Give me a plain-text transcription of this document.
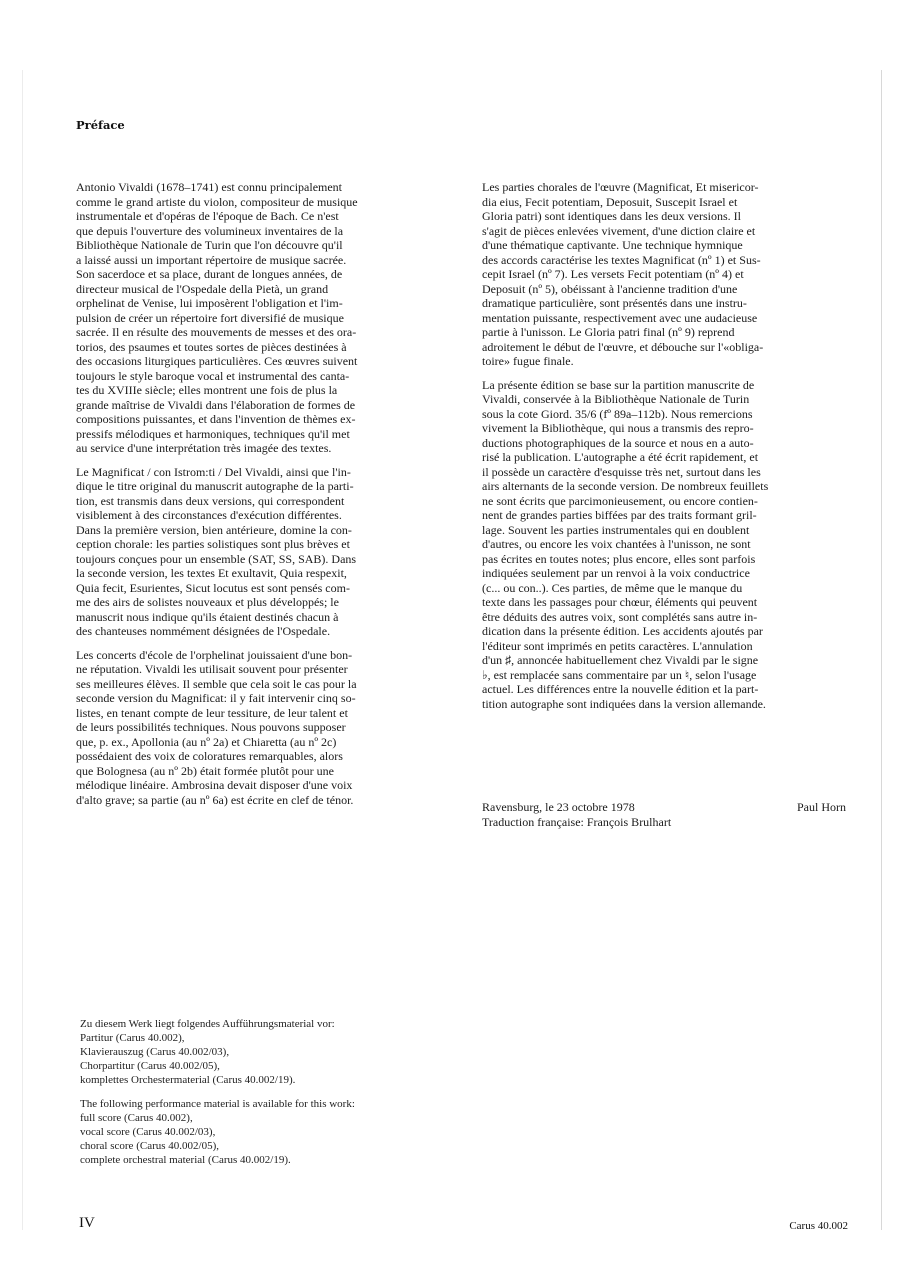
Préface

Antonio Vivaldi (1678–1741) est connu principalement
comme le grand artiste du violon, compositeur de musique
instrumentale et d'opéras de l'époque de Bach. Ce n'est
que depuis l'ouverture des volumineux inventaires de la
Bibliothèque Nationale de Turin que l'on découvre qu'il
a laissé aussi un important répertoire de musique sacrée.
Son sacerdoce et sa place, durant de longues années, de
directeur musical de l'Ospedale della Pietà, un grand
orphelinat de Venise, lui imposèrent l'obligation et l'im-
pulsion de créer un répertoire fort diversifié de musique
sacrée. Il en résulte des mouvements de messes et des ora-
torios, des psaumes et toutes sortes de pièces destinées à
des occasions liturgiques particulières. Ces œuvres suivent
toujours le style baroque vocal et instrumental des canta-
tes du XVIIIe siècle; elles montrent une fois de plus la
grande maîtrise de Vivaldi dans l'élaboration de formes de
compositions puissantes, et dans l'invention de thèmes ex-
pressifs mélodiques et harmoniques, techniques qu'il met
au service d'une interprétation très imagée des textes.

Le Magnificat / con Istrom:ti / Del Vivaldi, ainsi que l'in-
dique le titre original du manuscrit autographe de la parti-
tion, est transmis dans deux versions, qui correspondent
visiblement à des circonstances d'exécution différentes.
Dans la première version, bien antérieure, domine la con-
ception chorale: les parties solistiques sont plus brèves et
toujours conçues pour un ensemble (SAT, SS, SAB). Dans
la seconde version, les textes Et exultavit, Quia respexit,
Quia fecit, Esurientes, Sicut locutus est sont pensés com-
me des airs de solistes nouveaux et plus développés; le
manuscrit nous indique qu'ils étaient destinés chacun à
des chanteuses nommément désignées de l'Ospedale.

Les concerts d'école de l'orphelinat jouissaient d'une bon-
ne réputation. Vivaldi les utilisait souvent pour présenter
ses meilleures élèves. Il semble que cela soit le cas pour la
seconde version du Magnificat: il y fait intervenir cinq so-
listes, en tenant compte de leur tessiture, de leur talent et
de leurs possibilités techniques. Nous pouvons supposer
que, p. ex., Apollonia (au nº 2a) et Chiaretta (au nº 2c)
possédaient des voix de coloratures remarquables, alors
que Bolognesa (au nº 2b) était formée plutôt pour une
mélodique linéaire. Ambrosina devait disposer d'une voix
d'alto grave; sa partie (au nº 6a) est écrite en clef de ténor.

Les parties chorales de l'œuvre (Magnificat, Et misericor-
dia eius, Fecit potentiam, Deposuit, Suscepit Israel et
Gloria patri) sont identiques dans les deux versions. Il
s'agit de pièces enlevées vivement, d'une diction claire et
d'une thématique captivante. Une technique hymnique
des accords caractérise les textes Magnificat (nº 1) et Sus-
cepit Israel (nº 7). Les versets Fecit potentiam (nº 4) et
Deposuit (nº 5), obéissant à l'ancienne tradition d'une
dramatique particulière, sont présentés dans une instru-
mentation puissante, respectivement avec une audacieuse
partie à l'unisson. Le Gloria patri final (nº 9) reprend
adroitement le début de l'œuvre, et débouche sur l'«obliga-
toire» fugue finale.

La présente édition se base sur la partition manuscrite de
Vivaldi, conservée à la Bibliothèque Nationale de Turin
sous la cote Giord. 35/6 (fº 89a–112b). Nous remercions
vivement la Bibliothèque, qui nous a transmis des repro-
ductions photographiques de la source et nous en a auto-
risé la publication. L'autographe a été écrit rapidement, et
il possède un caractère d'esquisse très net, surtout dans les
airs alternants de la seconde version. De nombreux feuillets
ne sont écrits que parcimonieusement, ou encore contien-
nent de grandes parties biffées par des traits formant gril-
lage. Souvent les parties instrumentales qui en doublent
d'autres, ou encore les voix chantées à l'unisson, ne sont
pas écrites en toutes notes; plus encore, elles sont parfois
indiquées seulement par un renvoi à la voix conductrice
(c... ou con..). Ces parties, de même que le manque du
texte dans les passages pour chœur, éléments qui peuvent
être déduits des autres voix, sont complétés sans autre in-
dication dans la présente édition. Les accidents ajoutés par
l'éditeur sont imprimés en petits caractères. L'annulation
d'un ♯, annoncée habituellement chez Vivaldi par le signe
♭, est remplacée sans commentaire par un ♮, selon l'usage
actuel. Les différences entre la nouvelle édition et la part-
tition autographe sont indiquées dans la version allemande.

Ravensburg, le 23 octobre 1978	Paul Horn
Traduction française: François Brulhart
Zu diesem Werk liegt folgendes Aufführungsmaterial vor:
Partitur (Carus 40.002),
Klavierauszug (Carus 40.002/03),
Chorpartitur (Carus 40.002/05),
komplettes Orchestermaterial (Carus 40.002/19).
The following performance material is available for this work:
full score (Carus 40.002),
vocal score (Carus 40.002/03),
choral score (Carus 40.002/05),
complete orchestral material (Carus 40.002/19).
IV	Carus 40.002
